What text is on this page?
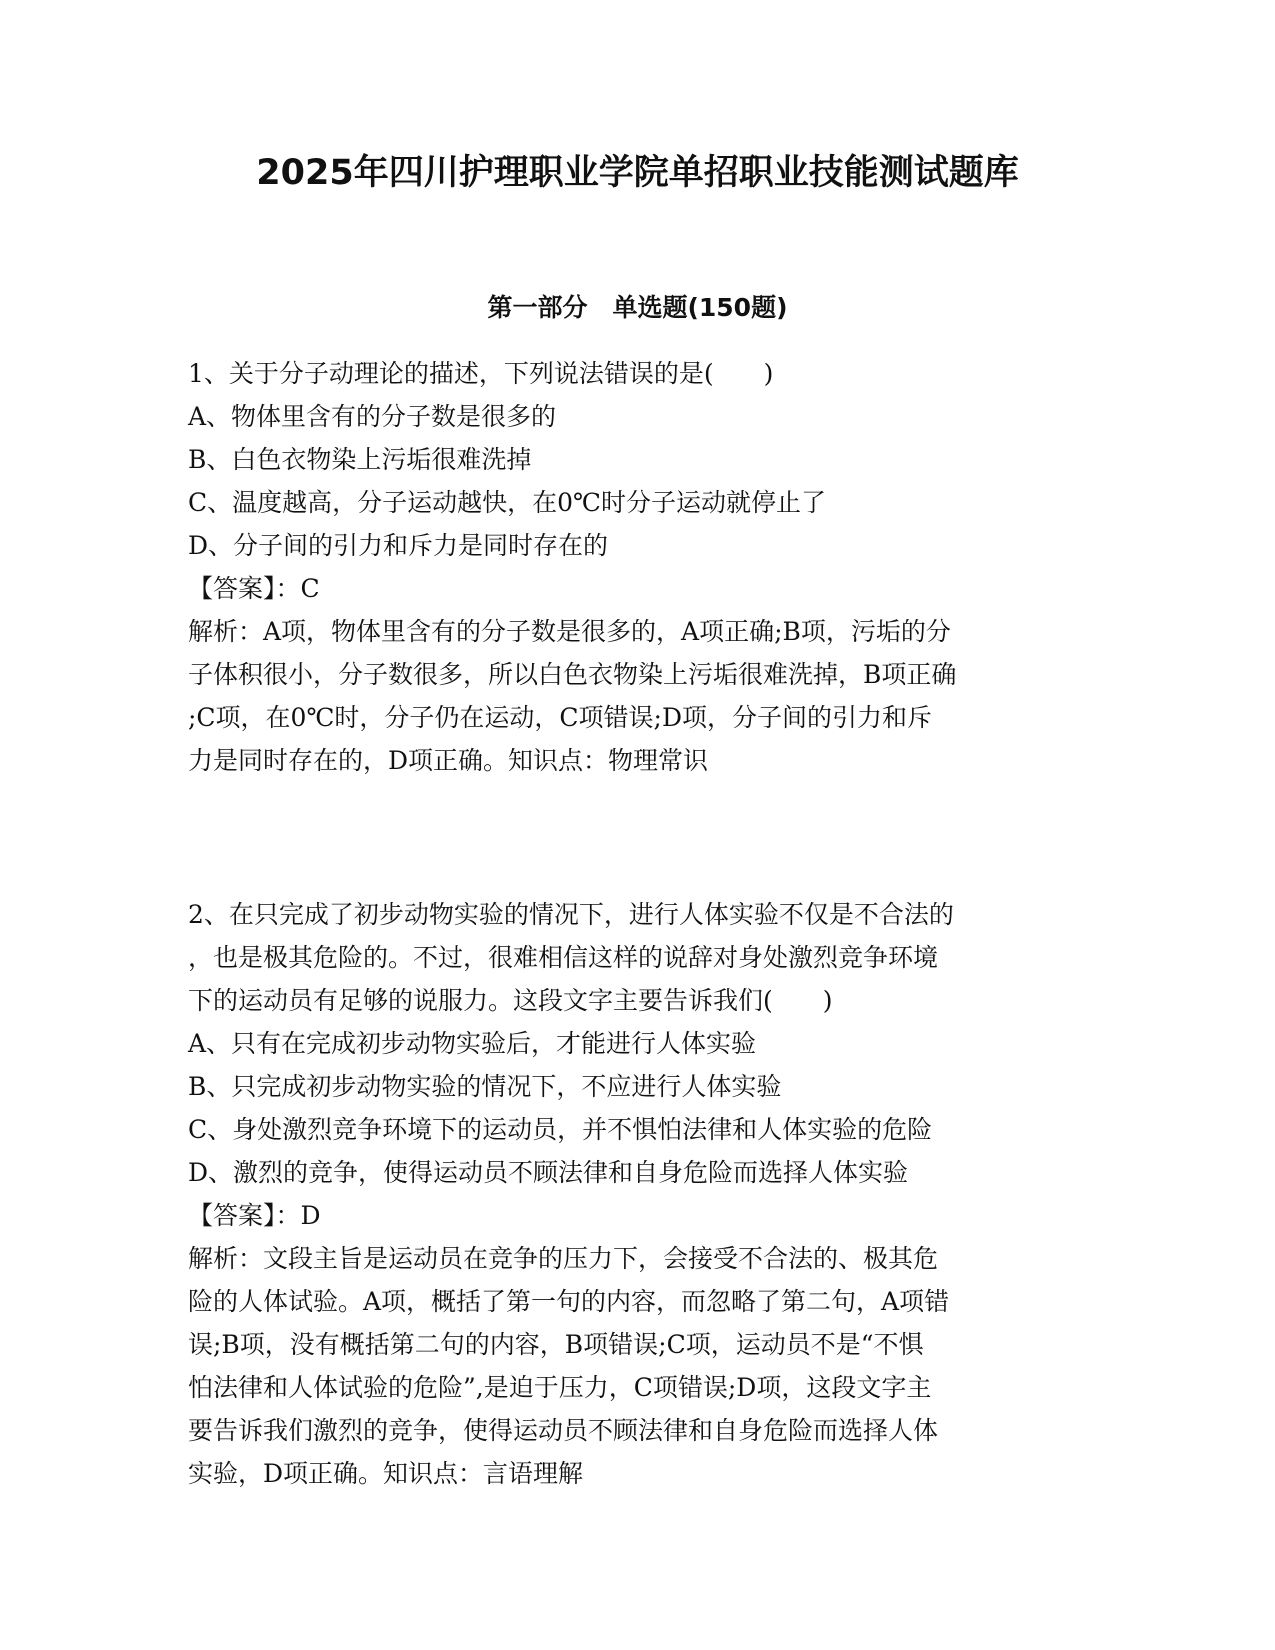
2025年四川护理职业学院单招职业技能测试题库
第一部分　单选题(150题)
1、关于分子动理论的描述，下列说法错误的是(　　)
A、物体里含有的分子数是很多的
B、白色衣物染上污垢很难洗掉
C、温度越高，分子运动越快，在0℃时分子运动就停止了
D、分子间的引力和斥力是同时存在的
【答案】：C
解析：A项，物体里含有的分子数是很多的，A项正确;B项，污垢的分
子体积很小，分子数很多，所以白色衣物染上污垢很难洗掉，B项正确
;C项，在0℃时，分子仍在运动，C项错误;D项，分子间的引力和斥
力是同时存在的，D项正确。知识点：物理常识
2、在只完成了初步动物实验的情况下，进行人体实验不仅是不合法的
，也是极其危险的。不过，很难相信这样的说辞对身处激烈竞争环境
下的运动员有足够的说服力。这段文字主要告诉我们(　　)
A、只有在完成初步动物实验后，才能进行人体实验
B、只完成初步动物实验的情况下，不应进行人体实验
C、身处激烈竞争环境下的运动员，并不惧怕法律和人体实验的危险
D、激烈的竞争，使得运动员不顾法律和自身危险而选择人体实验
【答案】：D
解析：文段主旨是运动员在竞争的压力下，会接受不合法的、极其危
险的人体试验。A项，概括了第一句的内容，而忽略了第二句，A项错
误;B项，没有概括第二句的内容，B项错误;C项，运动员不是“不惧
怕法律和人体试验的危险”,是迫于压力，C项错误;D项，这段文字主
要告诉我们激烈的竞争，使得运动员不顾法律和自身危险而选择人体
实验，D项正确。知识点：言语理解
